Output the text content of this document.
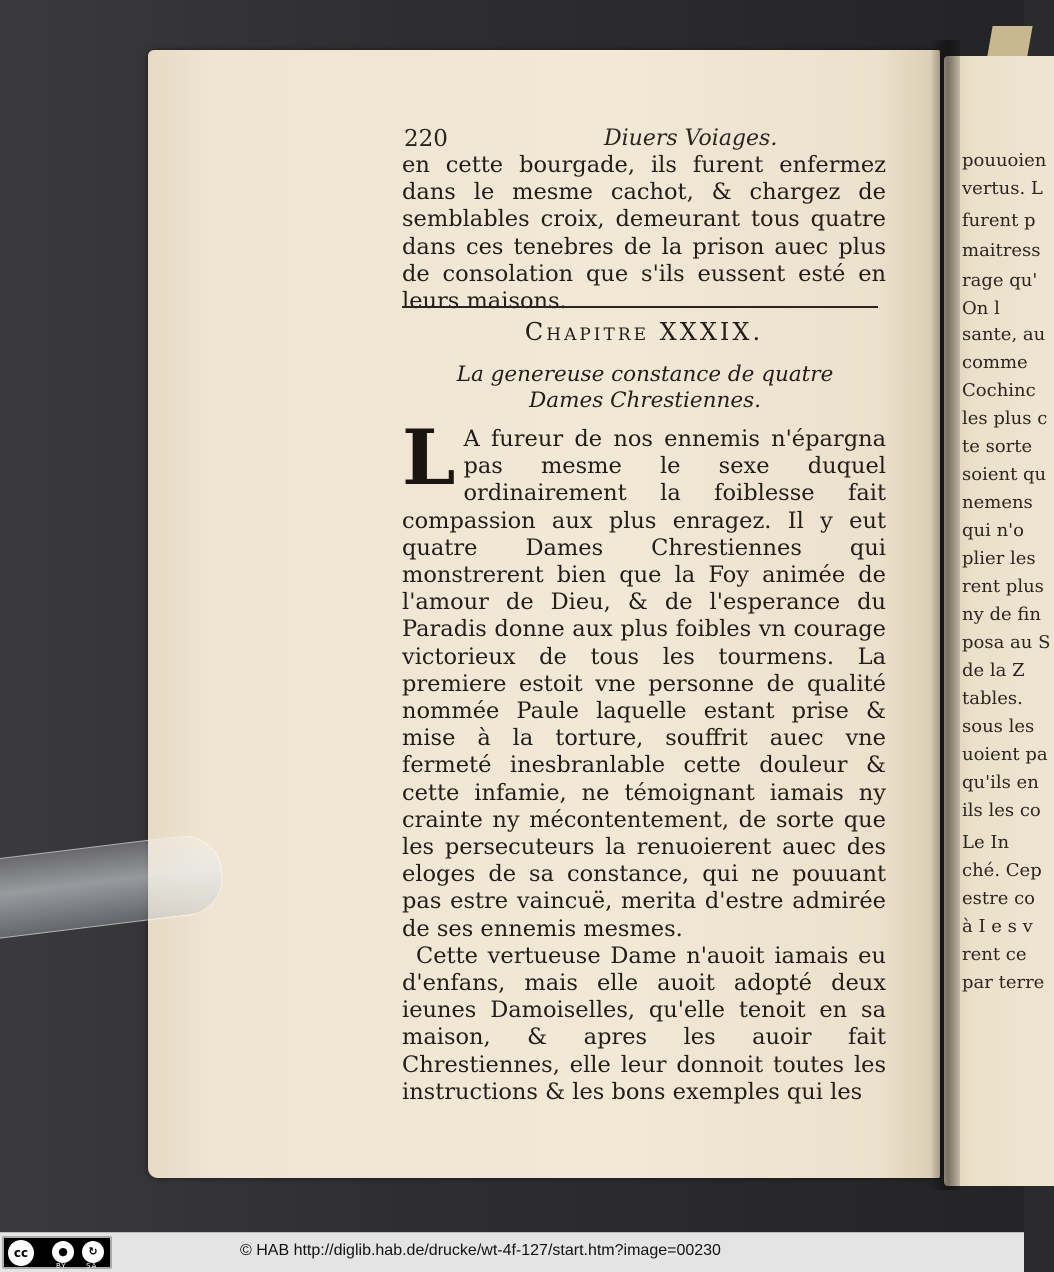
220	Diuers Voiages.

en cette bourgade, ils furent enfermez dans le mesme cachot, & chargez de semblables croix, demeurant tous quatre dans ces tenebres de la prison auec plus de consolation que s'ils eussent esté en leurs maisons.

Chapitre XXXIX.
La genereuse constance de quatre Dames Chrestiennes.

L A fureur de nos ennemis n'épargna pas mesme le sexe duquel ordinairement la foiblesse fait compassion aux plus enragez. Il y eut quatre Dames Chrestiennes qui monstrerent bien que la Foy animée de l'amour de Dieu, & de l'esperance du Paradis donne aux plus foibles vn courage victorieux de tous les tourmens. La premiere estoit vne personne de qualité nommée Paule laquelle estant prise & mise à la torture, souffrit auec vne fermeté inesbranlable cette douleur & cette infamie, ne témoignant iamais ny crainte ny mécontentement, de sorte que les persecuteurs la renuoierent auec des eloges de sa constance, qui ne pouuant pas estre vaincuë, merita d'estre admirée de ses ennemis mesmes.

Cette vertueuse Dame n'auoit iamais eu d'enfans, mais elle auoit adopté deux ieunes Damoiselles, qu'elle tenoit en sa maison, & apres les auoir fait Chrestiennes, elle leur donnoit toutes les instructions & les bons exemples qui les

pouuoien
vertus. L
furent p
maitress
rage qu'
On l
sante, au
comme
Cochinc
les plus c
te sorte
soient qu
nemens
qui n'o
plier les
rent plus
ny de fin
posa au S
de la Z
tables.
sous les
uoient pa
qu'ils en
ils les co
Le In
ché. Cep
estre co
à I e s v
rent ce
par terre
cc	●	↻
BY	SA
© HAB http://diglib.hab.de/drucke/wt-4f-127/start.htm?image=00230
